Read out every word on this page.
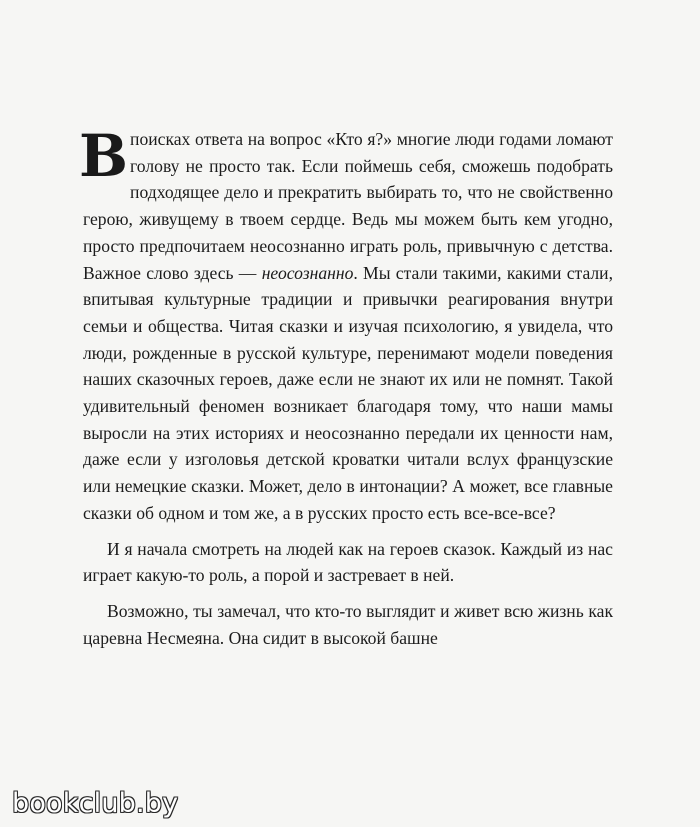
В поисках ответа на вопрос «Кто я?» многие люди годами ломают голову не просто так. Если поймешь себя, сможешь подобрать подходящее дело и прекратить выбирать то, что не свойственно герою, живущему в твоем сердце. Ведь мы можем быть кем угодно, просто предпочитаем неосознанно играть роль, привычную с детства. Важное слово здесь — неосознанно. Мы стали такими, какими стали, впитывая культурные традиции и привычки реагирования внутри семьи и общества. Читая сказки и изучая психологию, я увидела, что люди, рожденные в русской культуре, перенимают модели поведения наших сказочных героев, даже если не знают их или не помнят. Такой удивительный феномен возникает благодаря тому, что наши мамы выросли на этих историях и неосознанно передали их ценности нам, даже если у изголовья детской кроватки читали вслух французские или немецкие сказки. Может, дело в интонации? А может, все главные сказки об одном и том же, а в русских просто есть все-все-все?

И я начала смотреть на людей как на героев сказок. Каждый из нас играет какую-то роль, а порой и застревает в ней.

Возможно, ты замечал, что кто-то выглядит и живет всю жизнь как царевна Несмеяна. Она сидит в высокой башне

bookclub.by
